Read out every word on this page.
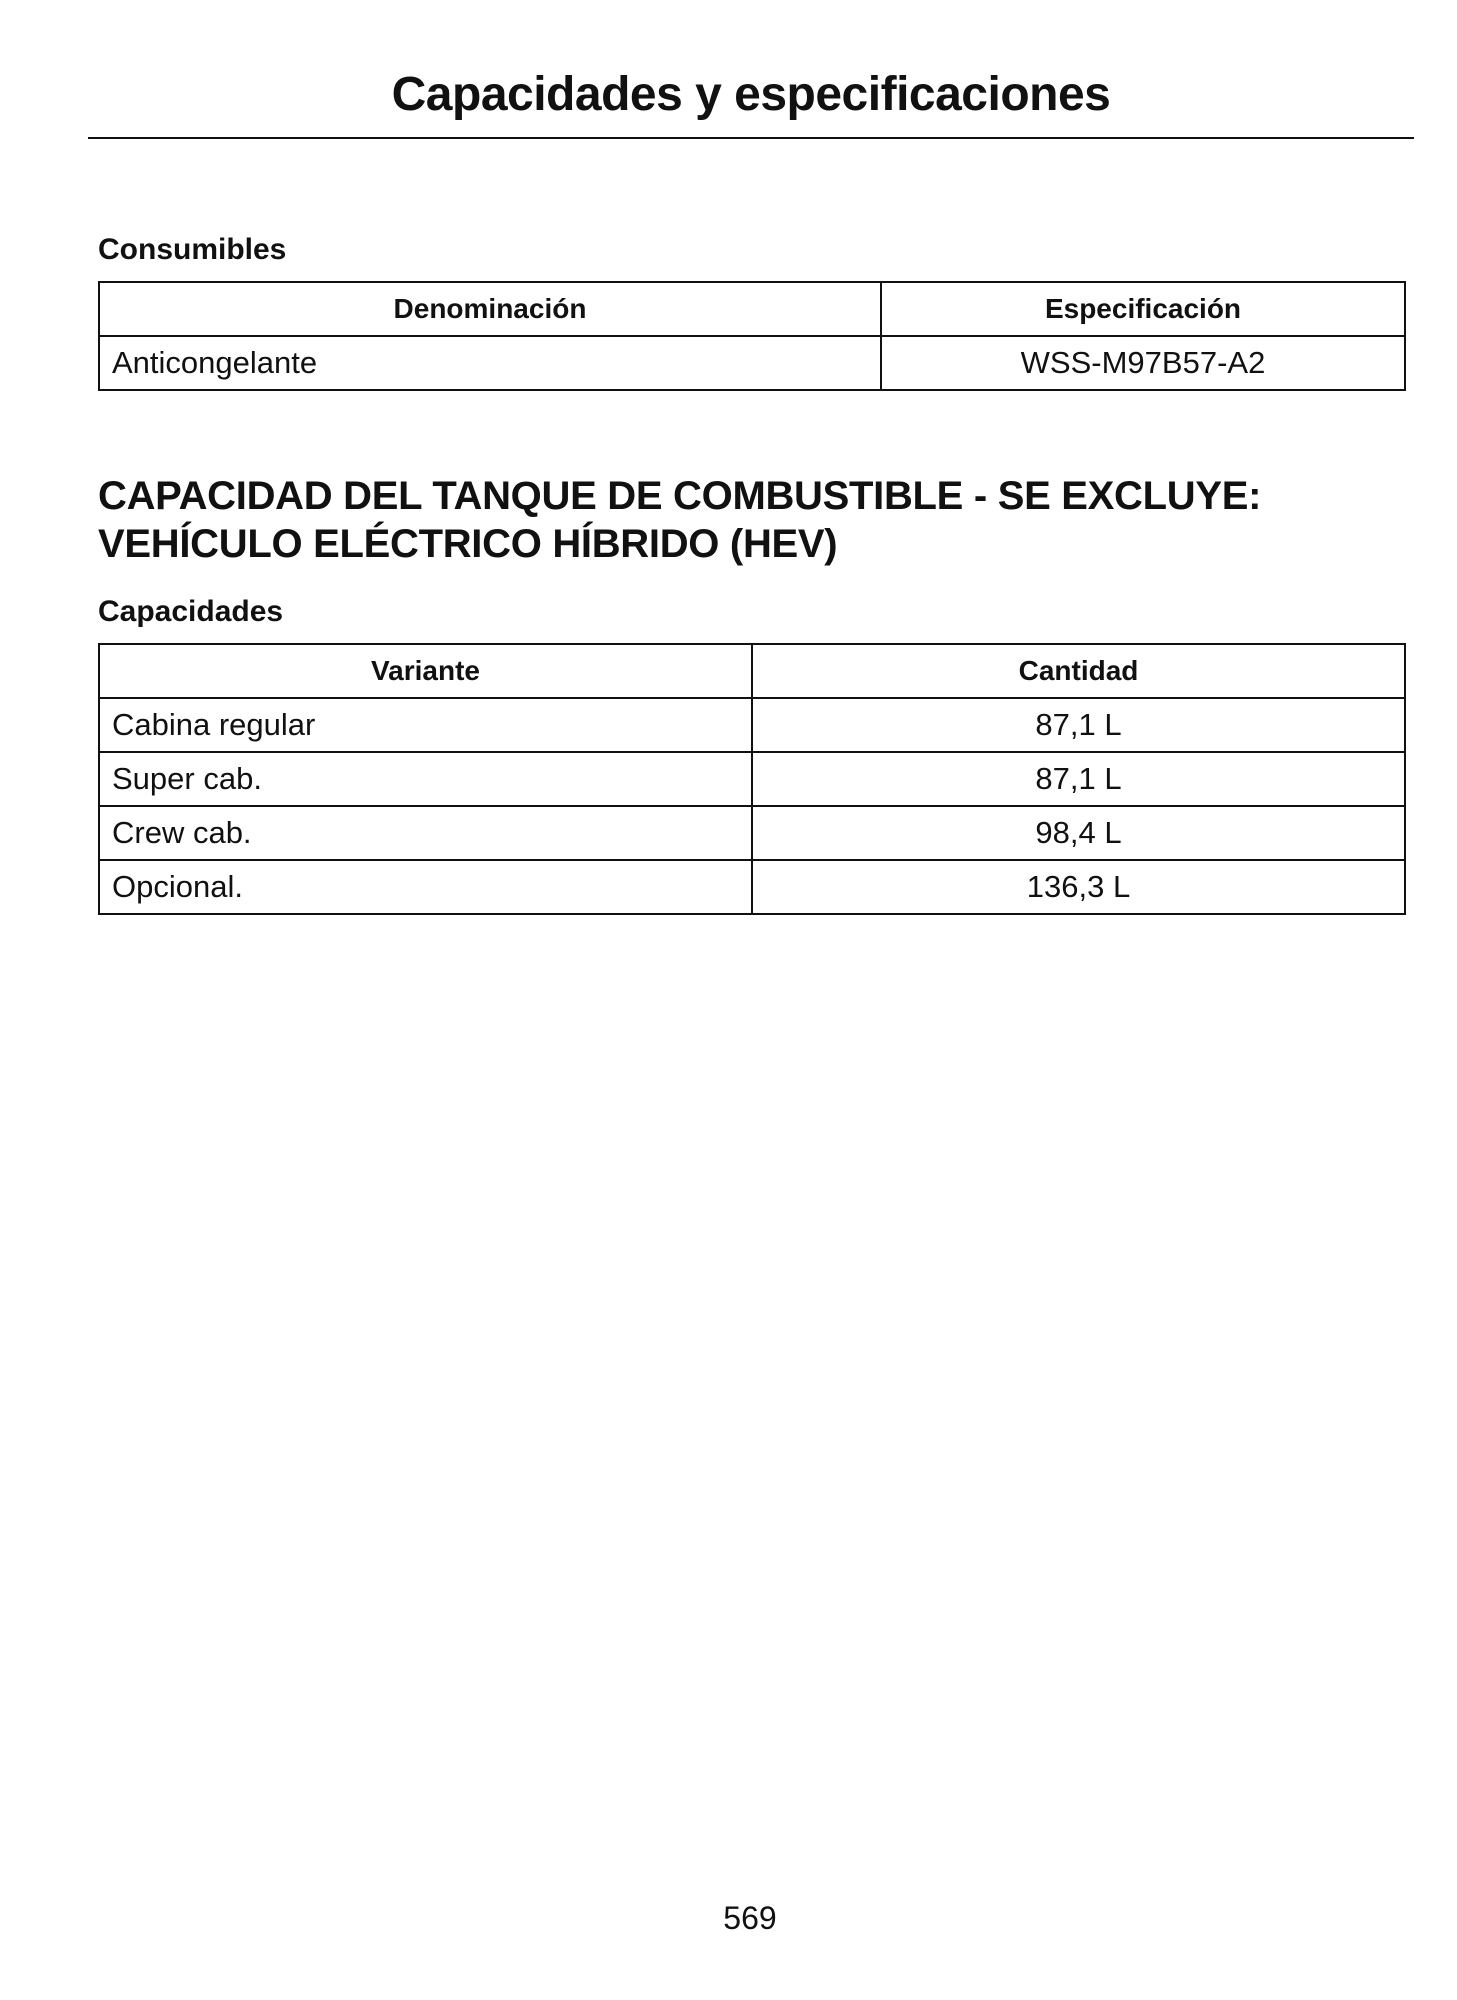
Capacidades y especificaciones
Consumibles
Denominación	Especificación
Anticongelante	WSS-M97B57-A2
CAPACIDAD DEL TANQUE DE COMBUSTIBLE - SE EXCLUYE:
VEHÍCULO ELÉCTRICO HÍBRIDO (HEV)
Capacidades
Variante	Cantidad
Cabina regular	87,1 L
Super cab.	87,1 L
Crew cab.	98,4 L
Opcional.	136,3 L
569
